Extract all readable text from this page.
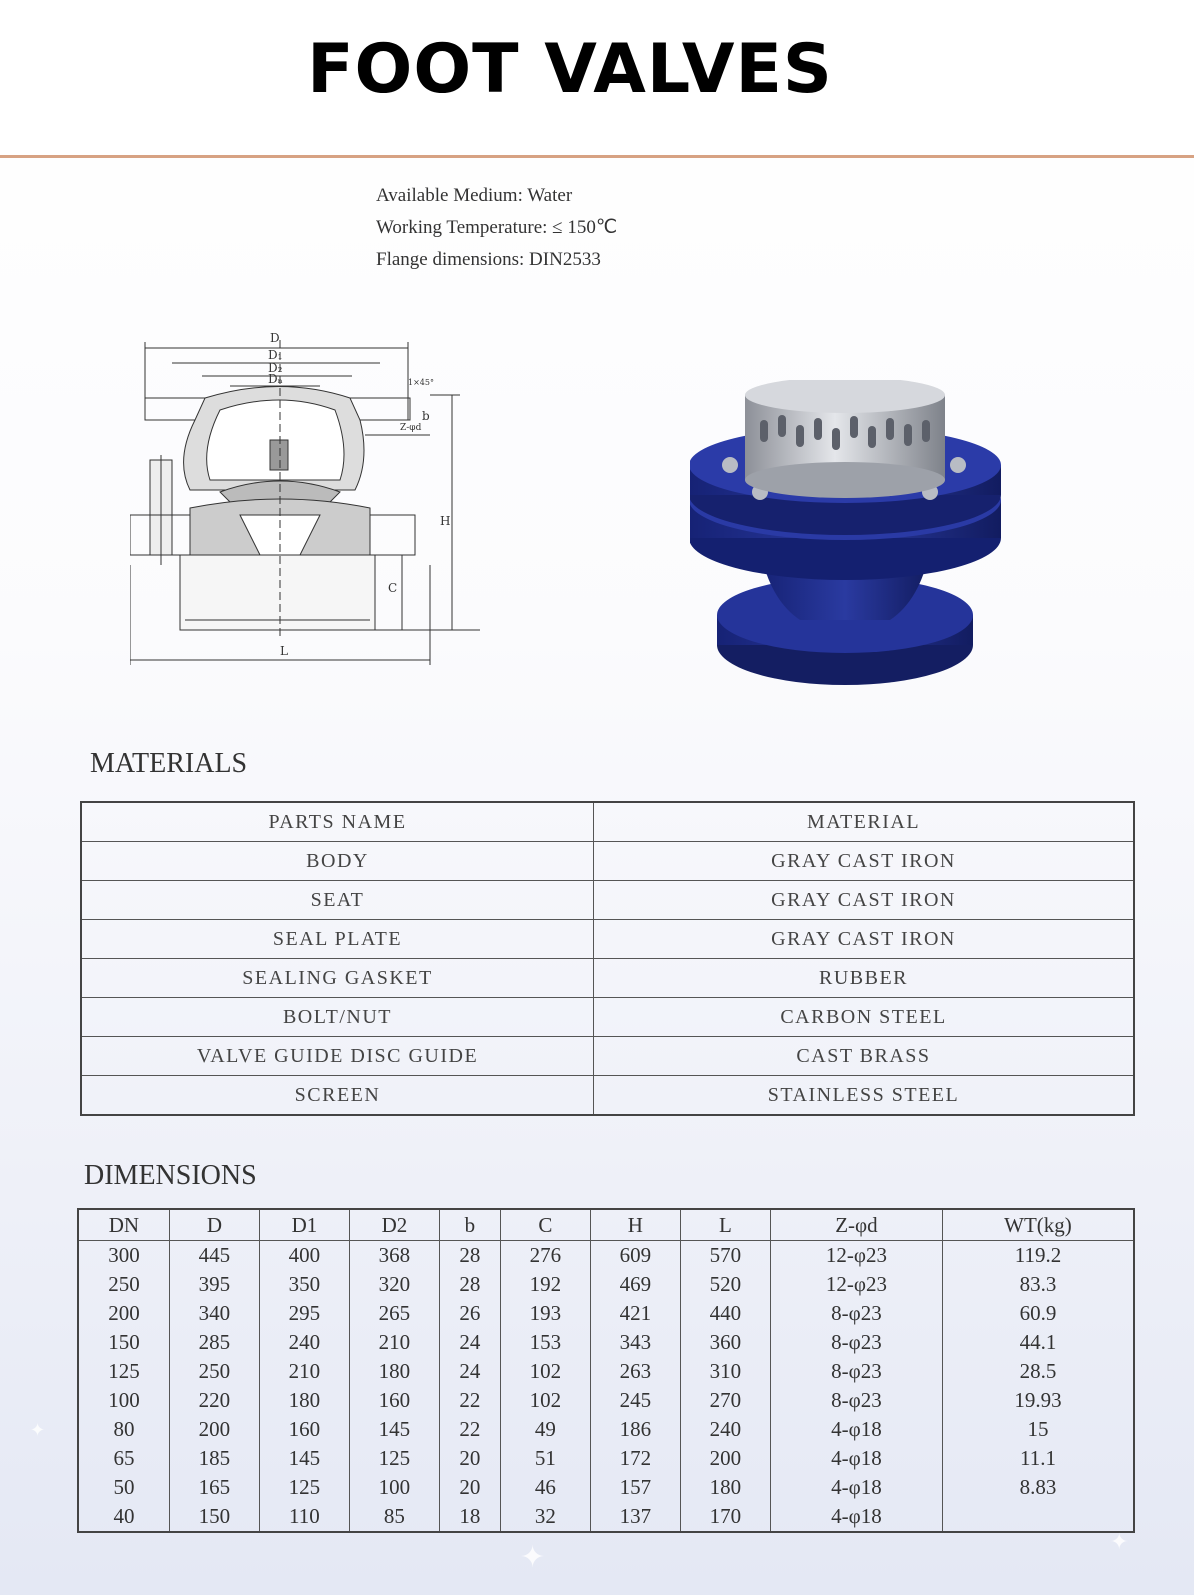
FOOT VALVES
Available Medium: Water
Working Temperature: ≤ 150℃
Flange dimensions: DIN2533
D
D₁
D₂
Dₙ
b
H
C
L
Z-φd
1×45°
MATERIALS
PARTS NAME	MATERIAL
BODY	GRAY CAST IRON
SEAT	GRAY CAST IRON
SEAL PLATE	GRAY CAST IRON
SEALING GASKET	RUBBER
BOLT/NUT	CARBON STEEL
VALVE GUIDE DISC GUIDE	CAST BRASS
SCREEN	STAINLESS STEEL
DIMENSIONS
DN	D	D1	D2	b	C	H	L	Z-φd	WT(kg)
300	445	400	368	28	276	609	570	12-φ23	119.2
250	395	350	320	28	192	469	520	12-φ23	83.3
200	340	295	265	26	193	421	440	8-φ23	60.9
150	285	240	210	24	153	343	360	8-φ23	44.1
125	250	210	180	24	102	263	310	8-φ23	28.5
100	220	180	160	22	102	245	270	8-φ23	19.93
80	200	160	145	22	49	186	240	4-φ18	15
65	185	145	125	20	51	172	200	4-φ18	11.1
50	165	125	100	20	46	157	180	4-φ18	8.83
40	150	110	85	18	32	137	170	4-φ18	
✦	✦
✦
